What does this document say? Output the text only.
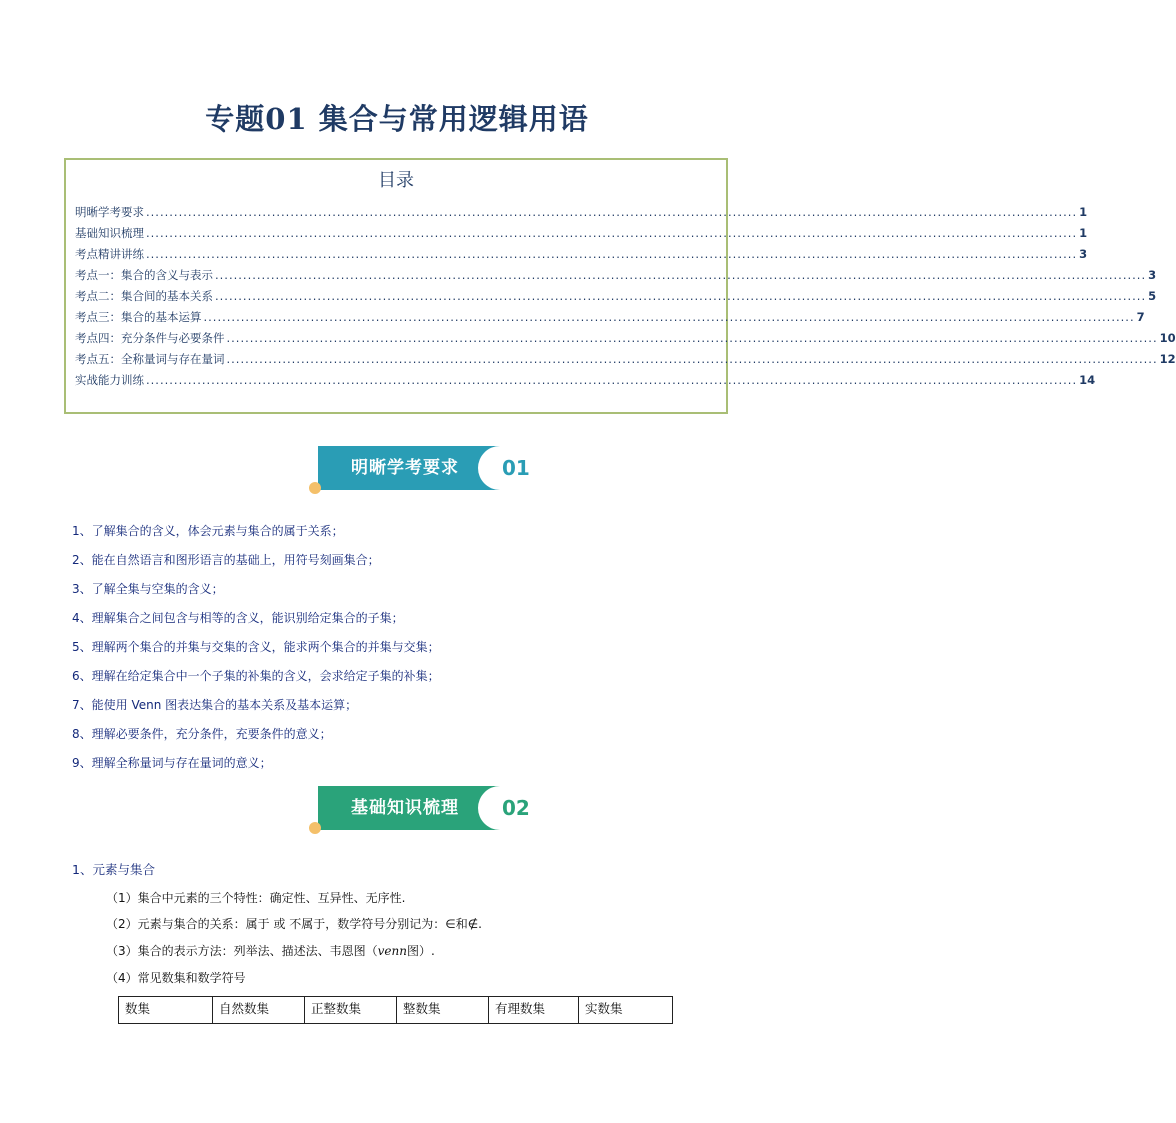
专题01 集合与常用逻辑用语
目录
明晰学考要求 ........................................................................................................................................................................................................ 1
基础知识梳理 ........................................................................................................................................................................................................ 1
考点精讲讲练 ........................................................................................................................................................................................................ 3
考点一：集合的含义与表示 ........................................................................................................................................................................................................ 3
考点二：集合间的基本关系 ........................................................................................................................................................................................................ 5
考点三：集合的基本运算 ........................................................................................................................................................................................................ 7
考点四：充分条件与必要条件 ........................................................................................................................................................................................................ 10
考点五：全称量词与存在量词 ........................................................................................................................................................................................................ 12
实战能力训练 ........................................................................................................................................................................................................ 14
明晰学考要求	01
1、了解集合的含义，体会元素与集合的属于关系；
2、能在自然语言和图形语言的基础上，用符号刻画集合；
3、了解全集与空集的含义；
4、理解集合之间包含与相等的含义，能识别给定集合的子集；
5、理解两个集合的并集与交集的含义，能求两个集合的并集与交集；
6、理解在给定集合中一个子集的补集的含义，会求给定子集的补集；
7、能使用 Venn 图表达集合的基本关系及基本运算；
8、理解必要条件，充分条件，充要条件的意义；
9、理解全称量词与存在量词的意义；
基础知识梳理	02
1、元素与集合
（1）集合中元素的三个特性：确定性、互异性、无序性.
（2）元素与集合的关系：属于 或 不属于，数学符号分别记为：∈和∉.
（3）集合的表示方法：列举法、描述法、韦恩图（venn图）.
（4）常见数集和数学符号
数集	自然数集	正整数集	整数集	有理数集	实数集
